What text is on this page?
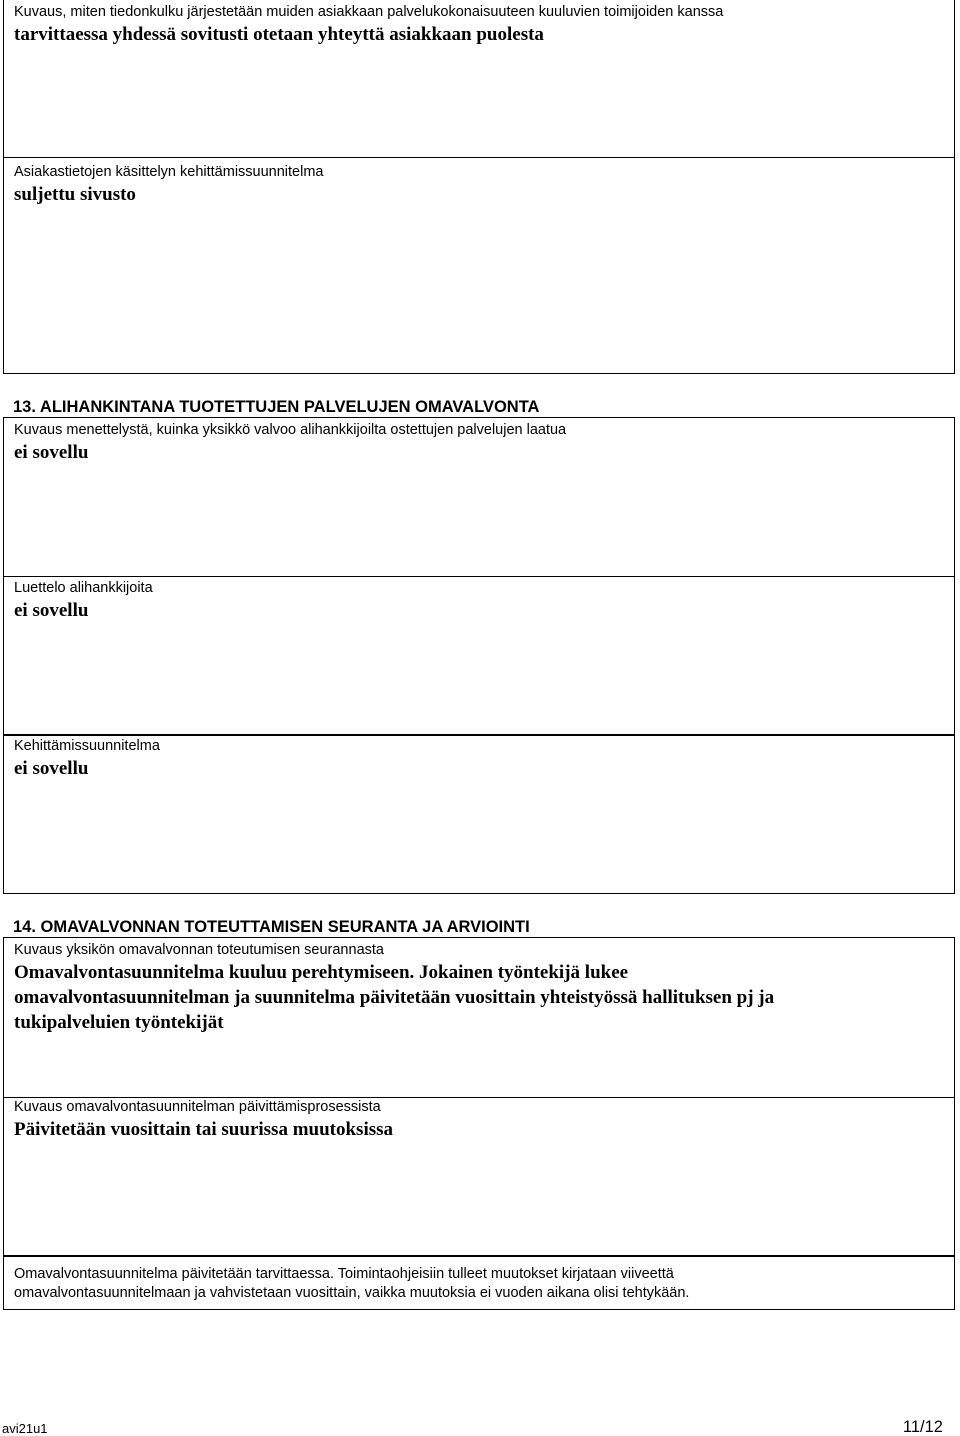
Kuvaus, miten tiedonkulku järjestetään muiden asiakkaan palvelukokonaisuuteen kuuluvien toimijoiden kanssa

tarvittaessa yhdessä sovitusti otetaan yhteyttä asiakkaan puolesta

Asiakastietojen käsittelyn kehittämissuunnitelma

suljettu sivusto

13. ALIHANKINTANA TUOTETTUJEN PALVELUJEN OMAVALVONTA

Kuvaus menettelystä, kuinka yksikkö valvoo alihankkijoilta ostettujen palvelujen laatua

ei sovellu

Luettelo alihankkijoita

ei sovellu

Kehittämissuunnitelma

ei sovellu

14. OMAVALVONNAN TOTEUTTAMISEN SEURANTA JA ARVIOINTI

Kuvaus yksikön omavalvonnan toteutumisen seurannasta

Omavalvontasuunnitelma kuuluu perehtymiseen. Jokainen työntekijä lukee

omavalvontasuunnitelman ja suunnitelma päivitetään vuosittain yhteistyössä hallituksen pj ja

tukipalveluien työntekijät

Kuvaus omavalvontasuunnitelman päivittämisprosessista

Päivitetään vuosittain tai suurissa muutoksissa

Omavalvontasuunnitelma päivitetään tarvittaessa. Toimintaohjeisiin tulleet muutokset kirjataan viiveettä

omavalvontasuunnitelmaan ja vahvistetaan vuosittain, vaikka muutoksia ei vuoden aikana olisi tehtykään.

avi21u1	11/12
